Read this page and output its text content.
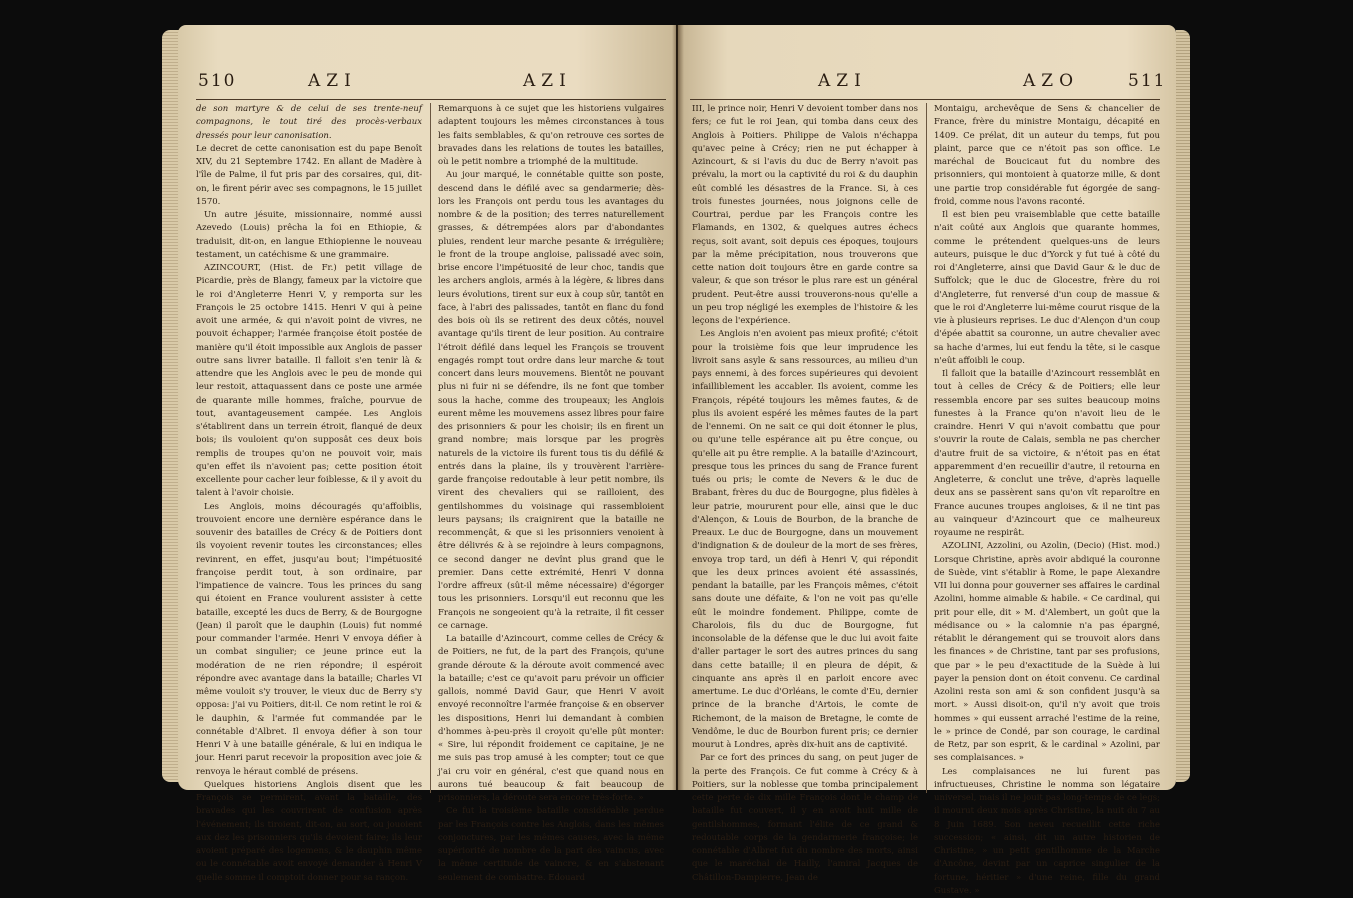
510	AZI	AZI

de son martyre & de celui de ses trente-neuf compagnons, le tout tiré des procès-verbaux dressés pour leur canonisation.

Le decret de cette canonisation est du pape Benoît XIV, du 21 Septembre 1742. En allant de Madère à l'île de Palme, il fut pris par des corsaires, qui, dit-on, le firent périr avec ses compagnons, le 15 juillet 1570.

Un autre jésuite, missionnaire, nommé aussi Azevedo (Louis) prêcha la foi en Ethiopie, & traduisit, dit-on, en langue Ethiopienne le nouveau testament, un catéchisme & une grammaire.

AZINCOURT, (Hist. de Fr.) petit village de Picardie, près de Blangy, fameux par la victoire que le roi d'Angleterre Henri V, y remporta sur les François le 25 octobre 1415. Henri V qui à peine avoit une armée, & qui n'avoit point de vivres, ne pouvoit échapper; l'armée françoise étoit postée de manière qu'il étoit impossible aux Anglois de passer outre sans livrer bataille. Il falloit s'en tenir là & attendre que les Anglois avec le peu de monde qui leur restoit, attaquassent dans ce poste une armée de quarante mille hommes, fraîche, pourvue de tout, avantageusement campée. Les Anglois s'établirent dans un terrein étroit, flanqué de deux bois; ils vouloient qu'on supposât ces deux bois remplis de troupes qu'on ne pouvoit voir, mais qu'en effet ils n'avoient pas; cette position étoit excellente pour cacher leur foiblesse, & il y avoit du talent à l'avoir choisie.

Les Anglois, moins découragés qu'affoiblis, trouvoient encore une dernière espérance dans le souvenir des batailles de Crécy & de Poitiers dont ils voyoient revenir toutes les circonstances; elles revinrent, en effet, jusqu'au bout; l'impétuosité françoise perdit tout, à son ordinaire, par l'impatience de vaincre. Tous les princes du sang qui étoient en France voulurent assister à cette bataille, excepté les ducs de Berry, & de Bourgogne (Jean) il paroît que le dauphin (Louis) fut nommé pour commander l'armée. Henri V envoya défier à un combat singulier; ce jeune prince eut la modération de ne rien répondre; il espéroit répondre avec avantage dans la bataille; Charles VI même vouloit s'y trouver, le vieux duc de Berry s'y opposa: j'ai vu Poitiers, dit-il. Ce nom retint le roi & le dauphin, & l'armée fut commandée par le connétable d'Albret. Il envoya défier à son tour Henri V à une bataille générale, & lui en indiqua le jour. Henri parut recevoir la proposition avec joie & renvoya le héraut comblé de présens.

Quelques historiens Anglois disent que les François se permirent, avant la bataille, des bravades qui les couvrirent de confusion après l'événement; ils tiroient, dit-on, au sort, ou jouoient aux dez les prisonniers qu'ils devoient faire; ils leur avoient préparé des logemens, & le dauphin même ou le connétable avoit envoyé demander à Henri V quelle somme il comptoit donner pour sa rançon.

Remarquons à ce sujet que les historiens vulgaires adaptent toujours les mêmes circonstances à tous les faits semblables, & qu'on retrouve ces sortes de bravades dans les relations de toutes les batailles, où le petit nombre a triomphé de la multitude.

Au jour marqué, le connétable quitte son poste, descend dans le défilé avec sa gendarmerie; dès-lors les François ont perdu tous les avantages du nombre & de la position; des terres naturellement grasses, & détrempées alors par d'abondantes pluies, rendent leur marche pesante & irrégulière; le front de la troupe angloise, palissadé avec soin, brise encore l'impétuosité de leur choc, tandis que les archers anglois, armés à la légère, & libres dans leurs évolutions, tirent sur eux à coup sûr, tantôt en face, à l'abri des palissades, tantôt en flanc du fond des bois où ils se retirent des deux côtés, nouvel avantage qu'ils tirent de leur position. Au contraire l'étroit défilé dans lequel les François se trouvent engagés rompt tout ordre dans leur marche & tout concert dans leurs mouvemens. Bientôt ne pouvant plus ni fuir ni se défendre, ils ne font que tomber sous la hache, comme des troupeaux; les Anglois eurent même les mouvemens assez libres pour faire des prisonniers & pour les choisir; ils en firent un grand nombre; mais lorsque par les progrès naturels de la victoire ils furent tous tis du défilé & entrés dans la plaine, ils y trouvèrent l'arrière-garde françoise redoutable à leur petit nombre, ils virent des chevaliers qui se railloient, des gentilshommes du voisinage qui rassembloient leurs paysans; ils craignirent que la bataille ne recommençât, & que si les prisonniers venoient à être délivrés & à se rejoindre à leurs compagnons, ce second danger ne devînt plus grand que le premier. Dans cette extrémité, Henri V donna l'ordre affreux (sût-il même nécessaire) d'égorger tous les prisonniers. Lorsqu'il eut reconnu que les François ne songeoient qu'à la retraite, il fit cesser ce carnage.

La bataille d'Azincourt, comme celles de Crécy & de Poitiers, ne fut, de la part des François, qu'une grande déroute & la déroute avoit commencé avec la bataille; c'est ce qu'avoit paru prévoir un officier gallois, nommé David Gaur, que Henri V avoit envoyé reconnoître l'armée françoise & en observer les dispositions, Henri lui demandant à combien d'hommes à-peu-près il croyoit qu'elle pût monter: « Sire, lui répondit froidement ce capitaine, je ne me suis pas trop amusé à les compter; tout ce que j'ai cru voir en général, c'est que quand nous en aurons tué beaucoup & fait beaucoup de prisonniers, la déroute sera encore très-forte. »

Ce fut la troisième bataille considérable perdue par les François contre les Anglois, dans les mêmes conjonctures, par les mêmes causes, avec la même supériorité de nombre de la part des vaincus, avec la même certitude de vaincre, & en s'abstenant seulement de combattre. Edouard

AZI	AZO	511

III, le prince noir, Henri V devoient tomber dans nos fers; ce fut le roi Jean, qui tomba dans ceux des Anglois à Poitiers. Philippe de Valois n'échappa qu'avec peine à Crécy; rien ne put échapper à Azincourt, & si l'avis du duc de Berry n'avoit pas prévalu, la mort ou la captivité du roi & du dauphin eût comblé les désastres de la France. Si, à ces trois funestes journées, nous joignons celle de Courtrai, perdue par les François contre les Flamands, en 1302, & quelques autres échecs reçus, soit avant, soit depuis ces époques, toujours par la même précipitation, nous trouverons que cette nation doit toujours être en garde contre sa valeur, & que son trésor le plus rare est un général prudent. Peut-être aussi trouverons-nous qu'elle a un peu trop négligé les exemples de l'histoire & les leçons de l'expérience.

Les Anglois n'en avoient pas mieux profité; c'étoit pour la troisième fois que leur imprudence les livroit sans asyle & sans ressources, au milieu d'un pays ennemi, à des forces supérieures qui devoient infailliblement les accabler. Ils avoient, comme les François, répété toujours les mêmes fautes, & de plus ils avoient espéré les mêmes fautes de la part de l'ennemi. On ne sait ce qui doit étonner le plus, ou qu'une telle espérance ait pu être conçue, ou qu'elle ait pu être remplie. A la bataille d'Azincourt, presque tous les princes du sang de France furent tués ou pris; le comte de Nevers & le duc de Brabant, frères du duc de Bourgogne, plus fidèles à leur patrie, moururent pour elle, ainsi que le duc d'Alençon, & Louis de Bourbon, de la branche de Preaux. Le duc de Bourgogne, dans un mouvement d'indignation & de douleur de la mort de ses frères, envoya trop tard, un défi à Henri V, qui répondit que les deux princes avoient été assassinés, pendant la bataille, par les François mêmes, c'étoit sans doute une défaite, & l'on ne voit pas qu'elle eût le moindre fondement. Philippe, comte de Charolois, fils du duc de Bourgogne, fut inconsolable de la défense que le duc lui avoit faite d'aller partager le sort des autres princes du sang dans cette bataille; il en pleura de dépit, & cinquante ans après il en parloit encore avec amertume. Le duc d'Orléans, le comte d'Eu, dernier prince de la branche d'Artois, le comte de Richemont, de la maison de Bretagne, le comte de Vendôme, le duc de Bourbon furent pris; ce dernier mourut à Londres, après dix-huit ans de captivité.

Par ce fort des princes du sang, on peut juger de la perte des François. Ce fut comme à Crécy & à Poitiers, sur la noblesse que tomba principalement cette perte de dix mille François dont le champ de bataille fut couvert, il y en avoit huit mille de gentilshommes, formant l'élite de ce grand & redoutable corps de la gendarmerie françoise; le connétable d'Albret fut du nombre des morts, ainsi que le maréchal de Hailly, l'amiral Jacques de Châtillon-Dampierre, Jean de

Montaigu, archevêque de Sens & chancelier de France, frère du ministre Montaigu, décapité en 1409. Ce prélat, dit un auteur du temps, fut pou plaint, parce que ce n'étoit pas son office. Le maréchal de Boucicaut fut du nombre des prisonniers, qui montoient à quatorze mille, & dont une partie trop considérable fut égorgée de sang-froid, comme nous l'avons raconté.

Il est bien peu vraisemblable que cette bataille n'ait coûté aux Anglois que quarante hommes, comme le prétendent quelques-uns de leurs auteurs, puisque le duc d'Yorck y fut tué à côté du roi d'Angleterre, ainsi que David Gaur & le duc de Suffolck; que le duc de Glocestre, frère du roi d'Angleterre, fut renversé d'un coup de massue & que le roi d'Angleterre lui-même courut risque de la vie à plusieurs reprises. Le duc d'Alençon d'un coup d'épée abattit sa couronne, un autre chevalier avec sa hache d'armes, lui eut fendu la tête, si le casque n'eût affoibli le coup.

Il falloit que la bataille d'Azincourt ressemblât en tout à celles de Crécy & de Poitiers; elle leur ressembla encore par ses suites beaucoup moins funestes à la France qu'on n'avoit lieu de le craindre. Henri V qui n'avoit combattu que pour s'ouvrir la route de Calais, sembla ne pas chercher d'autre fruit de sa victoire, & n'étoit pas en état apparemment d'en recueillir d'autre, il retourna en Angleterre, & conclut une trêve, d'après laquelle deux ans se passèrent sans qu'on vît reparoître en France aucunes troupes angloises, & il ne tint pas au vainqueur d'Azincourt que ce malheureux royaume ne respirât.

AZOLINI, Azzolini, ou Azolin, (Decio) (Hist. mod.) Lorsque Christine, après avoir abdiqué la couronne de Suède, vint s'établir à Rome, le pape Alexandre VII lui donna pour gouverner ses affaires le cardinal Azolini, homme aimable & habile. « Ce cardinal, qui prit pour elle, dit » M. d'Alembert, un goût que la médisance ou » la calomnie n'a pas épargné, rétablit le dérangement qui se trouvoit alors dans les finances » de Christine, tant par ses profusions, que par » le peu d'exactitude de la Suède à lui payer la pension dont on étoit convenu. Ce cardinal Azolini resta son ami & son confident jusqu'à sa mort. » Aussi disoit-on, qu'il n'y avoit que trois hommes » qui eussent arraché l'estime de la reine, le » prince de Condé, par son courage, le cardinal de Retz, par son esprit, & le cardinal » Azolini, par ses complaisances. »

Les complaisances ne lui furent pas infructueuses, Christine le nomma son légataire universel, mais il ne jouit pas long-temps de ce legs; il mourut deux mois après Christine, la nuit du 7 au 8 Juin 1689. Son neveu recueillit cette riche succession; « ainsi, dit un autre historien de Christine, » un petit gentilhomme de la Marche d'Ancône, devint par un caprice singulier de la fortune, héritier » d'une reine, fille du grand Gustave. »
